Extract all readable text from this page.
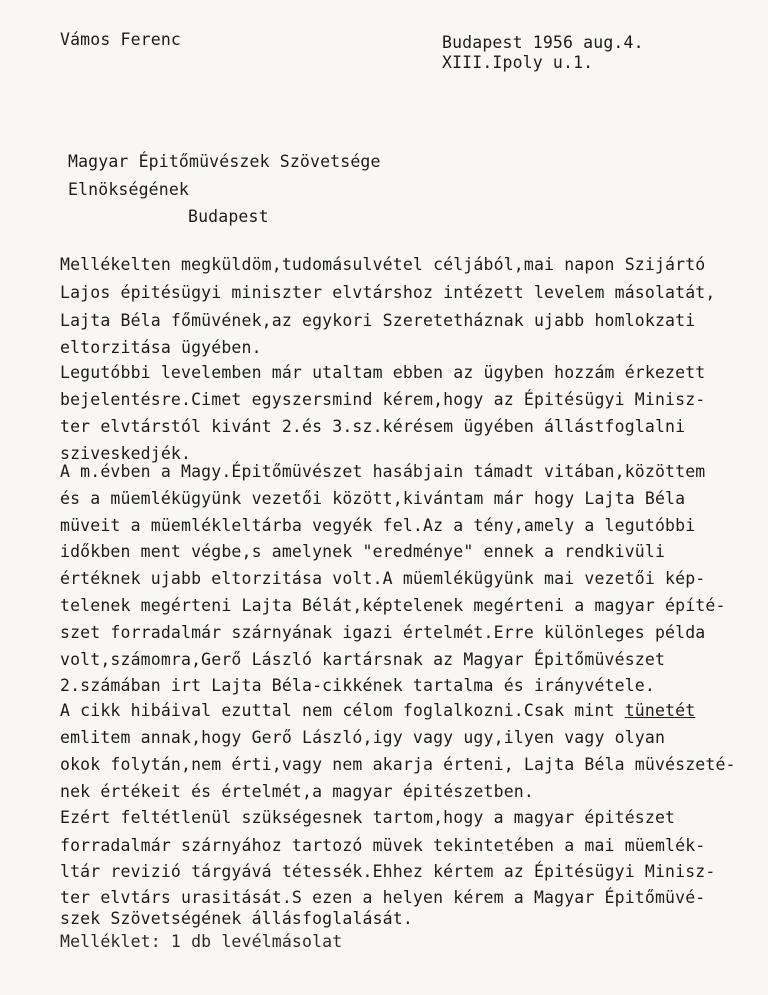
Vámos Ferenc	Budapest 1956 aug.4.
XIII.Ipoly u.1.
Magyar Épitőmüvészek Szövetsége
Elnökségének
Budapest
Mellékelten megküldöm,tudomásulvétel céljából,mai napon Szijártó
Lajos épitésügyi miniszter elvtárshoz intézett levelem másolatát,
Lajta Béla főmüvének,az egykori Szeretetháznak ujabb homlokzati
eltorzitása ügyében.
Legutóbbi levelemben már utaltam ebben az ügyben hozzám érkezett
bejelentésre.Cimet egyszersmind kérem,hogy az Épitésügyi Minisz-
ter elvtárstól kivánt 2.és 3.sz.kérésem ügyében állástfoglalni
sziveskedjék.
A m.évben a Magy.Épitőmüvészet hasábjain támadt vitában,közöttem
és a müemlékügyünk vezetői között,kivántam már hogy Lajta Béla
müveit a müemlékleltárba vegyék fel.Az a tény,amely a legutóbbi
időkben ment végbe,s amelynek "eredménye" ennek a rendkivüli
értéknek ujabb eltorzitása volt.A müemlékügyünk mai vezetői kép-
telenek megérteni Lajta Bélát,képtelenek megérteni a magyar építé-
szet forradalmár szárnyának igazi értelmét.Erre különleges példa
volt,számomra,Gerő László kartársnak az Magyar Épitőmüvészet
2.számában irt Lajta Béla-cikkének tartalma és irányvétele.
A cikk hibáival ezuttal nem célom foglalkozni.Csak mint tünetét
emlitem annak,hogy Gerő László,igy vagy ugy,ilyen vagy olyan
okok folytán,nem érti,vagy nem akarja érteni, Lajta Béla müvészeté-
nek értékeit és értelmét,a magyar épitészetben.
Ezért feltétlenül szükségesnek tartom,hogy a magyar épitészet
forradalmár szárnyához tartozó müvek tekintetében a mai müemlék-
ltár revizió tárgyává tétessék.Ehhez kértem az Épitésügyi Minisz-
ter elvtárs urasitását.S ezen a helyen kérem a Magyar Épitőmüvé-
szek Szövetségének állásfoglalását.
Melléklet: 1 db levélmásolat
